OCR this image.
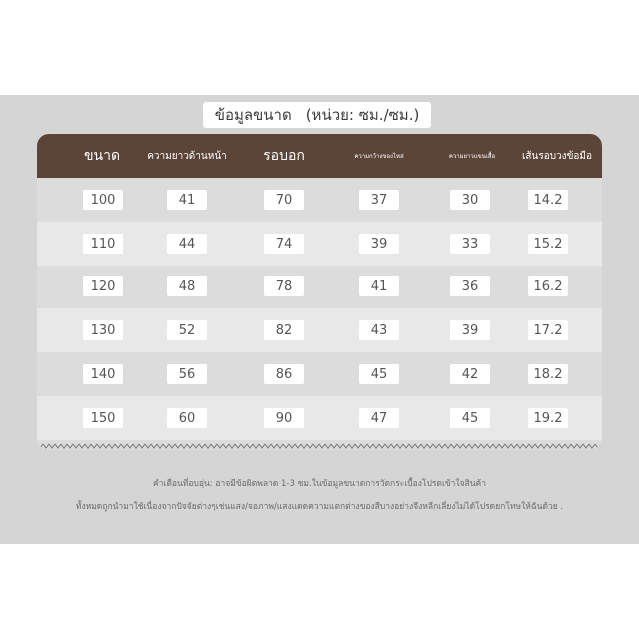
ข้อมูลขนาด (หน่วย: ซม./ซม.)
ขนาด	ความยาวด้านหน้า	รอบอก	ความกว้างของไหล่	ความยาวแขนเสื้อ	เส้นรอบวงข้อมือ
100	41	70	37	30	14.2
110	44	74	39	33	15.2
120	48	78	41	36	16.2
130	52	82	43	39	17.2
140	56	86	45	42	18.2
150	60	90	47	45	19.2
คำเตือนที่อบอุ่น: อาจมีข้อผิดพลาด 1-3 ซม.ในข้อมูลขนาดการวัดกระเบื้องโปรดเข้าใจสินค้า
ทั้งหมดถูกนำมาใช้เนื่องจากปัจจัยต่างๆเช่นแสง/จอภาพ/แสงแดดความแตกต่างของสีบางอย่างจึงหลีกเลี่ยงไม่ได้โปรดยกโทษให้ฉันด้วย .
